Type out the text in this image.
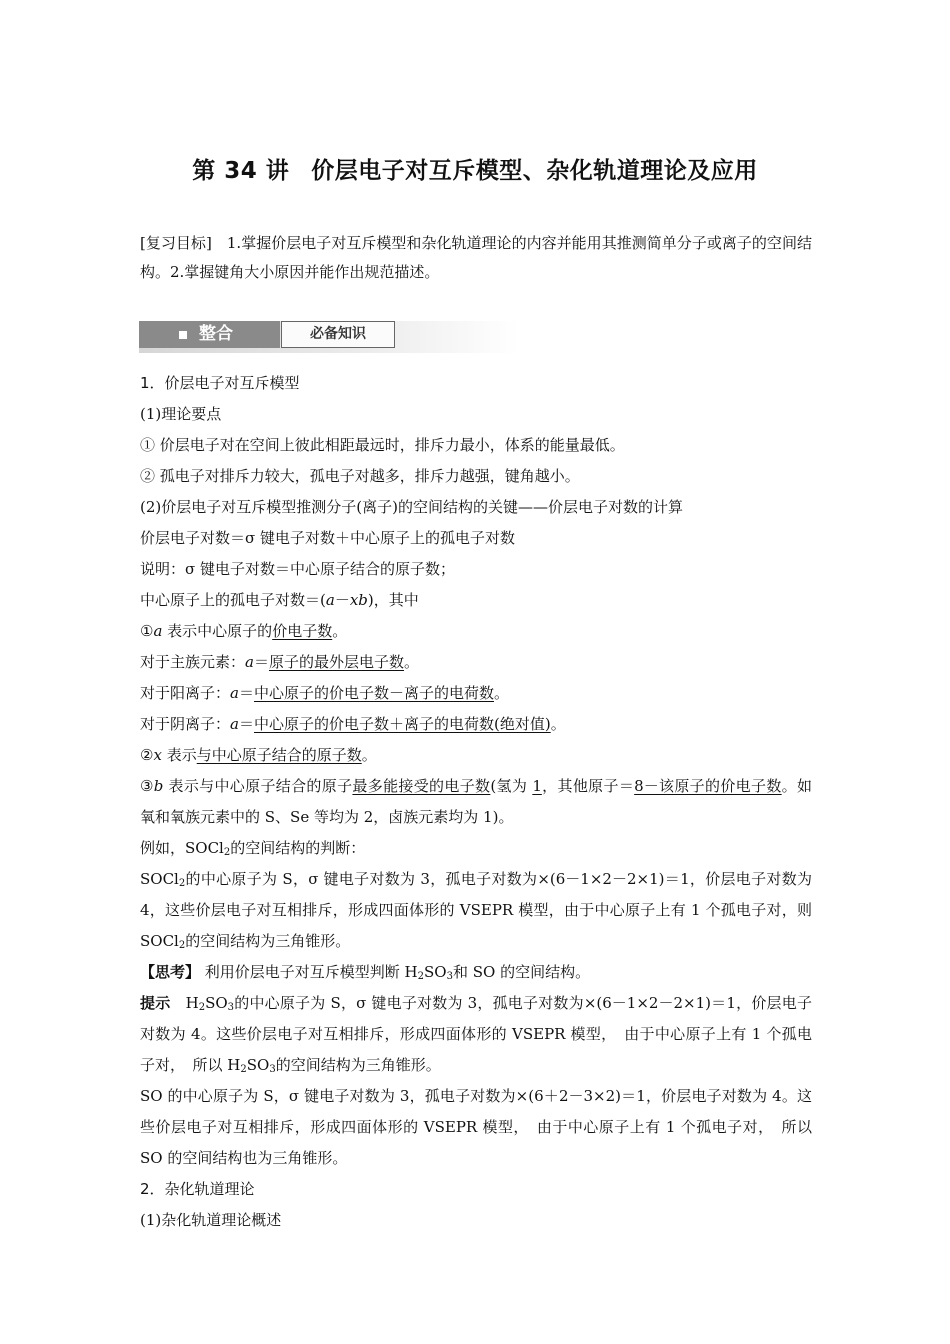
第 34 讲 价层电子对互斥模型、杂化轨道理论及应用
[复习目标]　 1.掌握价层电子对互斥模型和杂化轨道理论的内容并能用其推测简单分子或离子的空间结构。2.掌握键角大小原因并能作出规范描述。
整合	必备知识

1．价层电子对互斥模型

(1)理论要点

① 价层电子对在空间上彼此相距最远时，排斥力最小，体系的能量最低。

② 孤电子对排斥力较大，孤电子对越多，排斥力越强，键角越小。

(2)价层电子对互斥模型推测分子(离子)的空间结构的关键——价层电子对数的计算

价层电子对数＝σ 键电子对数＋中心原子上的孤电子对数

说明：σ 键电子对数＝中心原子结合的原子数；

中心原子上的孤电子对数＝(a－xb)，其中

①a 表示中心原子的价电子数。

对于主族元素：a＝原子的最外层电子数。

对于阳离子：a＝中心原子的价电子数－离子的电荷数。

对于阴离子：a＝中心原子的价电子数＋离子的电荷数(绝对值)。

②x 表示与中心原子结合的原子数。

③b 表示与中心原子结合的原子最多能接受的电子数(氢为 1，其他原子＝8－该原子的价电子数。如氧和氧族元素中的 S、Se 等均为 2，卤族元素均为 1)。

例如，SOCl$_2$的空间结构的判断：

SOCl$_2$的中心原子为 S，σ 键电子对数为 3，孤电子对数为×(6－1×2－2×1)＝1，价层电子对数为 4，这些价层电子对互相排斥，形成四面体形的 VSEPR 模型，由于中心原子上有 1 个孤电子对，则 SOCl$_2$的空间结构为三角锥形。

【思考】 利用价层电子对互斥模型判断 $H_2SO_3$和 SO 的空间结构。

提示　$H_2SO_3$的中心原子为 S，σ 键电子对数为 3，孤电子对数为×(6－1×2－2×1)＝1，价层电子对数为 4。这些价层电子对互相排斥，形成四面体形的 VSEPR 模型，　由于中心原子上有 1 个孤电子对，　所以 $H_2SO_3$的空间结构为三角锥形。

SO 的中心原子为 S，σ 键电子对数为 3，孤电子对数为×(6＋2－3×2)＝1，价层电子对数为 4。这些价层电子对互相排斥，形成四面体形的 VSEPR 模型，　由于中心原子上有 1 个孤电子对，　所以 SO 的空间结构也为三角锥形。

2．杂化轨道理论

(1)杂化轨道理论概述
